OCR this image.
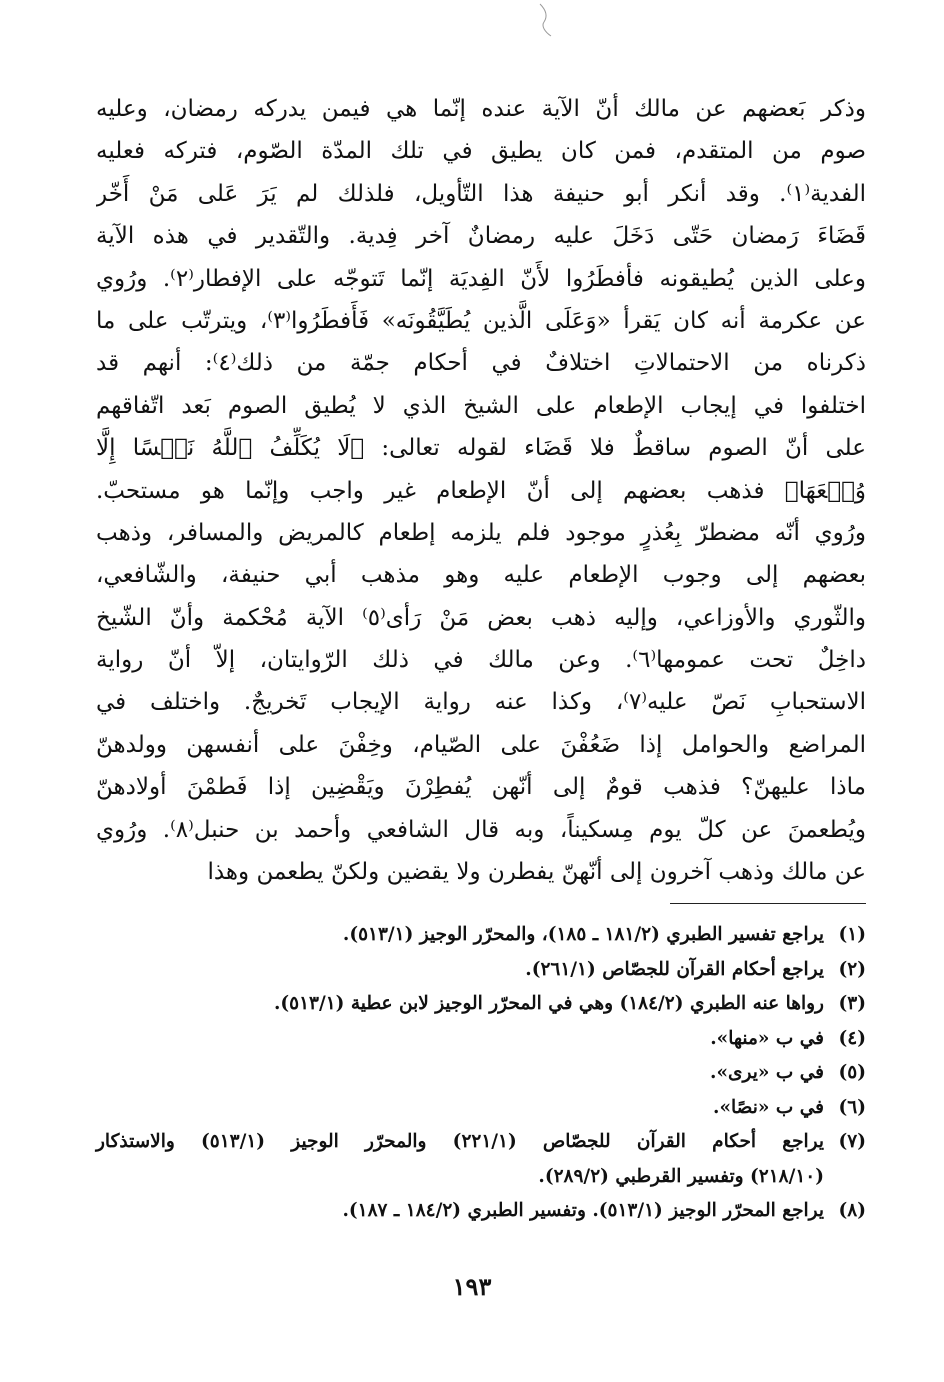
وذكر بَعضهم عن مالك أنّ الآية عنده إنّما هي فيمن يدركه رمضان، وعليه
صوم من المتقدم، فمن كان يطيق في تلك المدّة الصّوم، فتركه فعليه
الفدية⁽١⁾. وقد أنكر أبو حنيفة هذا التّأويل، فلذلك لم يَرَ عَلى مَنْ أَخّر
قَضَاءَ رَمضان حَتّى دَخَلَ عليه رمضانٌ آخر فِدية. والتّقدير في هذه الآية
وعلى الذين يُطيقونه فأفطَرُوا لأَنّ الفِديَة إنّما تَتوجّه على الإفطار⁽٢⁾. ورُوي
عن عكرمة أنه كان يَقرأ «وَعَلَى الَّذين يُطَيَّقُونَه» فَأَفطَرُوا⁽٣⁾، ويترتّب على ما
ذكرناه من الاحتمالاتِ اختلافٌ في أحكام جمّة من ذلك⁽٤⁾: أنهم قد
اختلفوا في إيجاب الإطعام على الشيخ الذي لا يُطيق الصوم بَعد اتّفاقهم
على أنّ الصوم ساقطٌ فلا قَضَاء لقوله تعالى: ﴿لَا يُكَلِّفُ ٱللَّهُ نَفۡسًا إِلَّا
وُسۡعَهَا﴾ فذهب بعضهم إلى أنّ الإطعام غير واجب وإنّما هو مستحبّ.
ورُوي أنّه مضطرّ بِعُذرٍ موجود فلم يلزمه إطعام كالمريض والمسافر، وذهب
بعضهم إلى وجوب الإطعام عليه وهو مذهب أبي حنيفة، والشّافعي،
والثّوري والأوزاعي، وإليه ذهب بعض مَنْ رَأى⁽٥⁾ الآية مُحْكمة وأنّ الشّيخ
داخِلٌ تحت عمومها⁽٦⁾. وعن مالك في ذلك الرّوايتان، إلاّ أنّ رواية
الاستحبابِ نَصّ عليه⁽٧⁾، وكذا عنه رواية الإيجاب تَخريجٌ. واختلف في
المراضع والحوامل إذا ضَعُفْنَ على الصّيام، وخِفْنَ على أنفسهن وولدهنّ
ماذا عليهنّ؟ فذهب قومٌ إلى أنّهن يُفطِرْنَ ويَقْضِين إذا فَطمْنَ أولادهنّ
ويُطعمنَ عن كلّ يوم مِسكيناً، وبه قال الشافعي وأحمد بن حنبل⁽٨⁾. ورُوي
عن مالك وذهب آخرون إلى أنّهنّ يفطرن ولا يقضين ولكنّ يطعمن وهذا
(١)
يراجع تفسير الطبري (١٨١/٢ ـ ١٨٥)، والمحرّر الوجيز (٥١٣/١).
(٢)
يراجع أحكام القرآن للجصّاص (٢٦١/١).
(٣)
رواها عنه الطبري (١٨٤/٢) وهي في المحرّر الوجيز لابن عطية (٥١٣/١).
(٤)
في ب «منها».
(٥)
في ب «يرى».
(٦)
في ب «نصًا».
(٧)
يراجع أحكام القرآن للجصّاص (٢٢١/١) والمحرّر الوجيز (٥١٣/١) والاستذكار
(٢١٨/١٠) وتفسير القرطبي (٢٨٩/٢).
(٨)
يراجع المحرّر الوجيز (٥١٣/١). وتفسير الطبري (١٨٤/٢ ـ ١٨٧).
١٩٣
